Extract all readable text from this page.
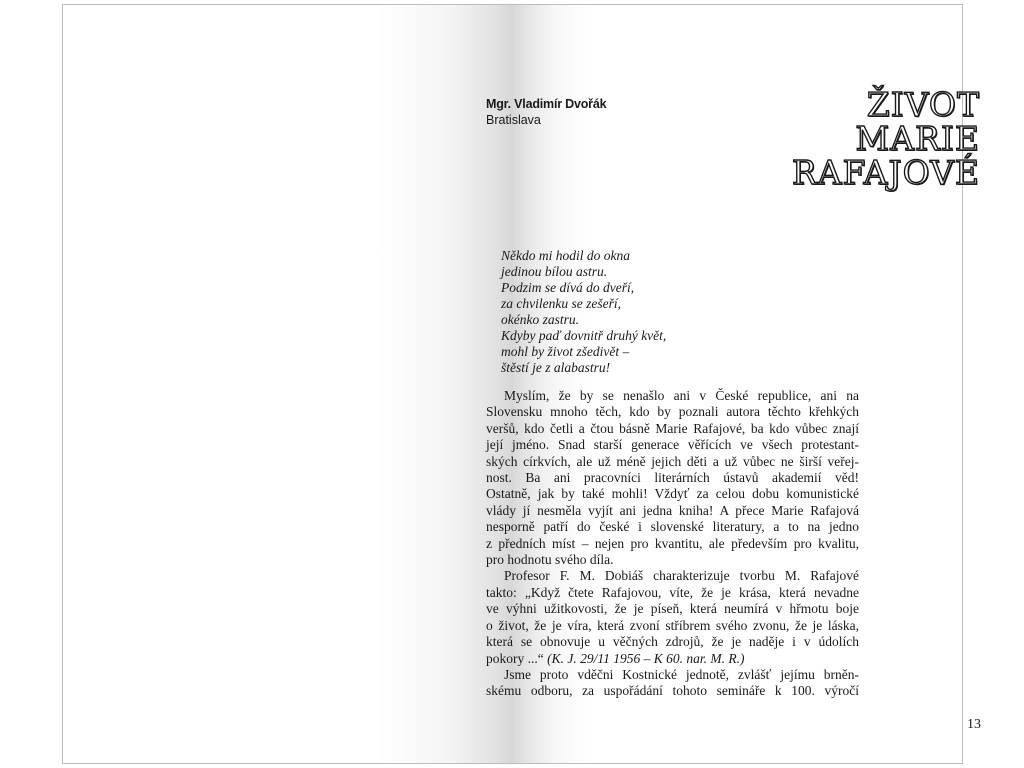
Mgr. Vladimír Dvořák
Bratislava	ŽIVOT
MARIE
RAFAJOVÉ
Někdo mi hodil do okna
jedinou bílou astru.
Podzim se dívá do dveří,
za chvilenku se zešeří,
okénko zastru.
Kdyby paď dovnitř druhý květ,
mohl by život zšedivět –
štěstí je z alabastru!
Myslím, že by se nenašlo ani v České republice, ani na
Slovensku mnoho těch, kdo by poznali autora těchto křehkých
veršů, kdo četli a čtou básně Marie Rafajové, ba kdo vůbec znají
její jméno. Snad starší generace věřících ve všech protestant-
ských církvích, ale už méně jejich děti a už vůbec ne širší veřej-
nost. Ba ani pracovníci literárních ústavů akademií věd!
Ostatně, jak by také mohli! Vždyť za celou dobu komunistické
vlády jí nesměla vyjít ani jedna kniha! A přece Marie Rafajová
nesporně patří do české i slovenské literatury, a to na jedno
z předních míst – nejen pro kvantitu, ale především pro kvalitu,
pro hodnotu svého díla.
Profesor F. M. Dobiáš charakterizuje tvorbu M. Rafajové
takto: „Když čtete Rafajovou, víte, že je krása, která nevadne
ve výhni užitkovosti, že je píseň, která neumírá v hřmotu boje
o život, že je víra, která zvoní stříbrem svého zvonu, že je láska,
která se obnovuje u věčných zdrojů, že je naděje i v údolích
pokory ...“ (K. J. 29/11 1956 – K 60. nar. M. R.)
Jsme proto vděčni Kostnické jednotě, zvlášť jejímu brněn-
skému odboru, za uspořádání tohoto semináře k 100. výročí
13
